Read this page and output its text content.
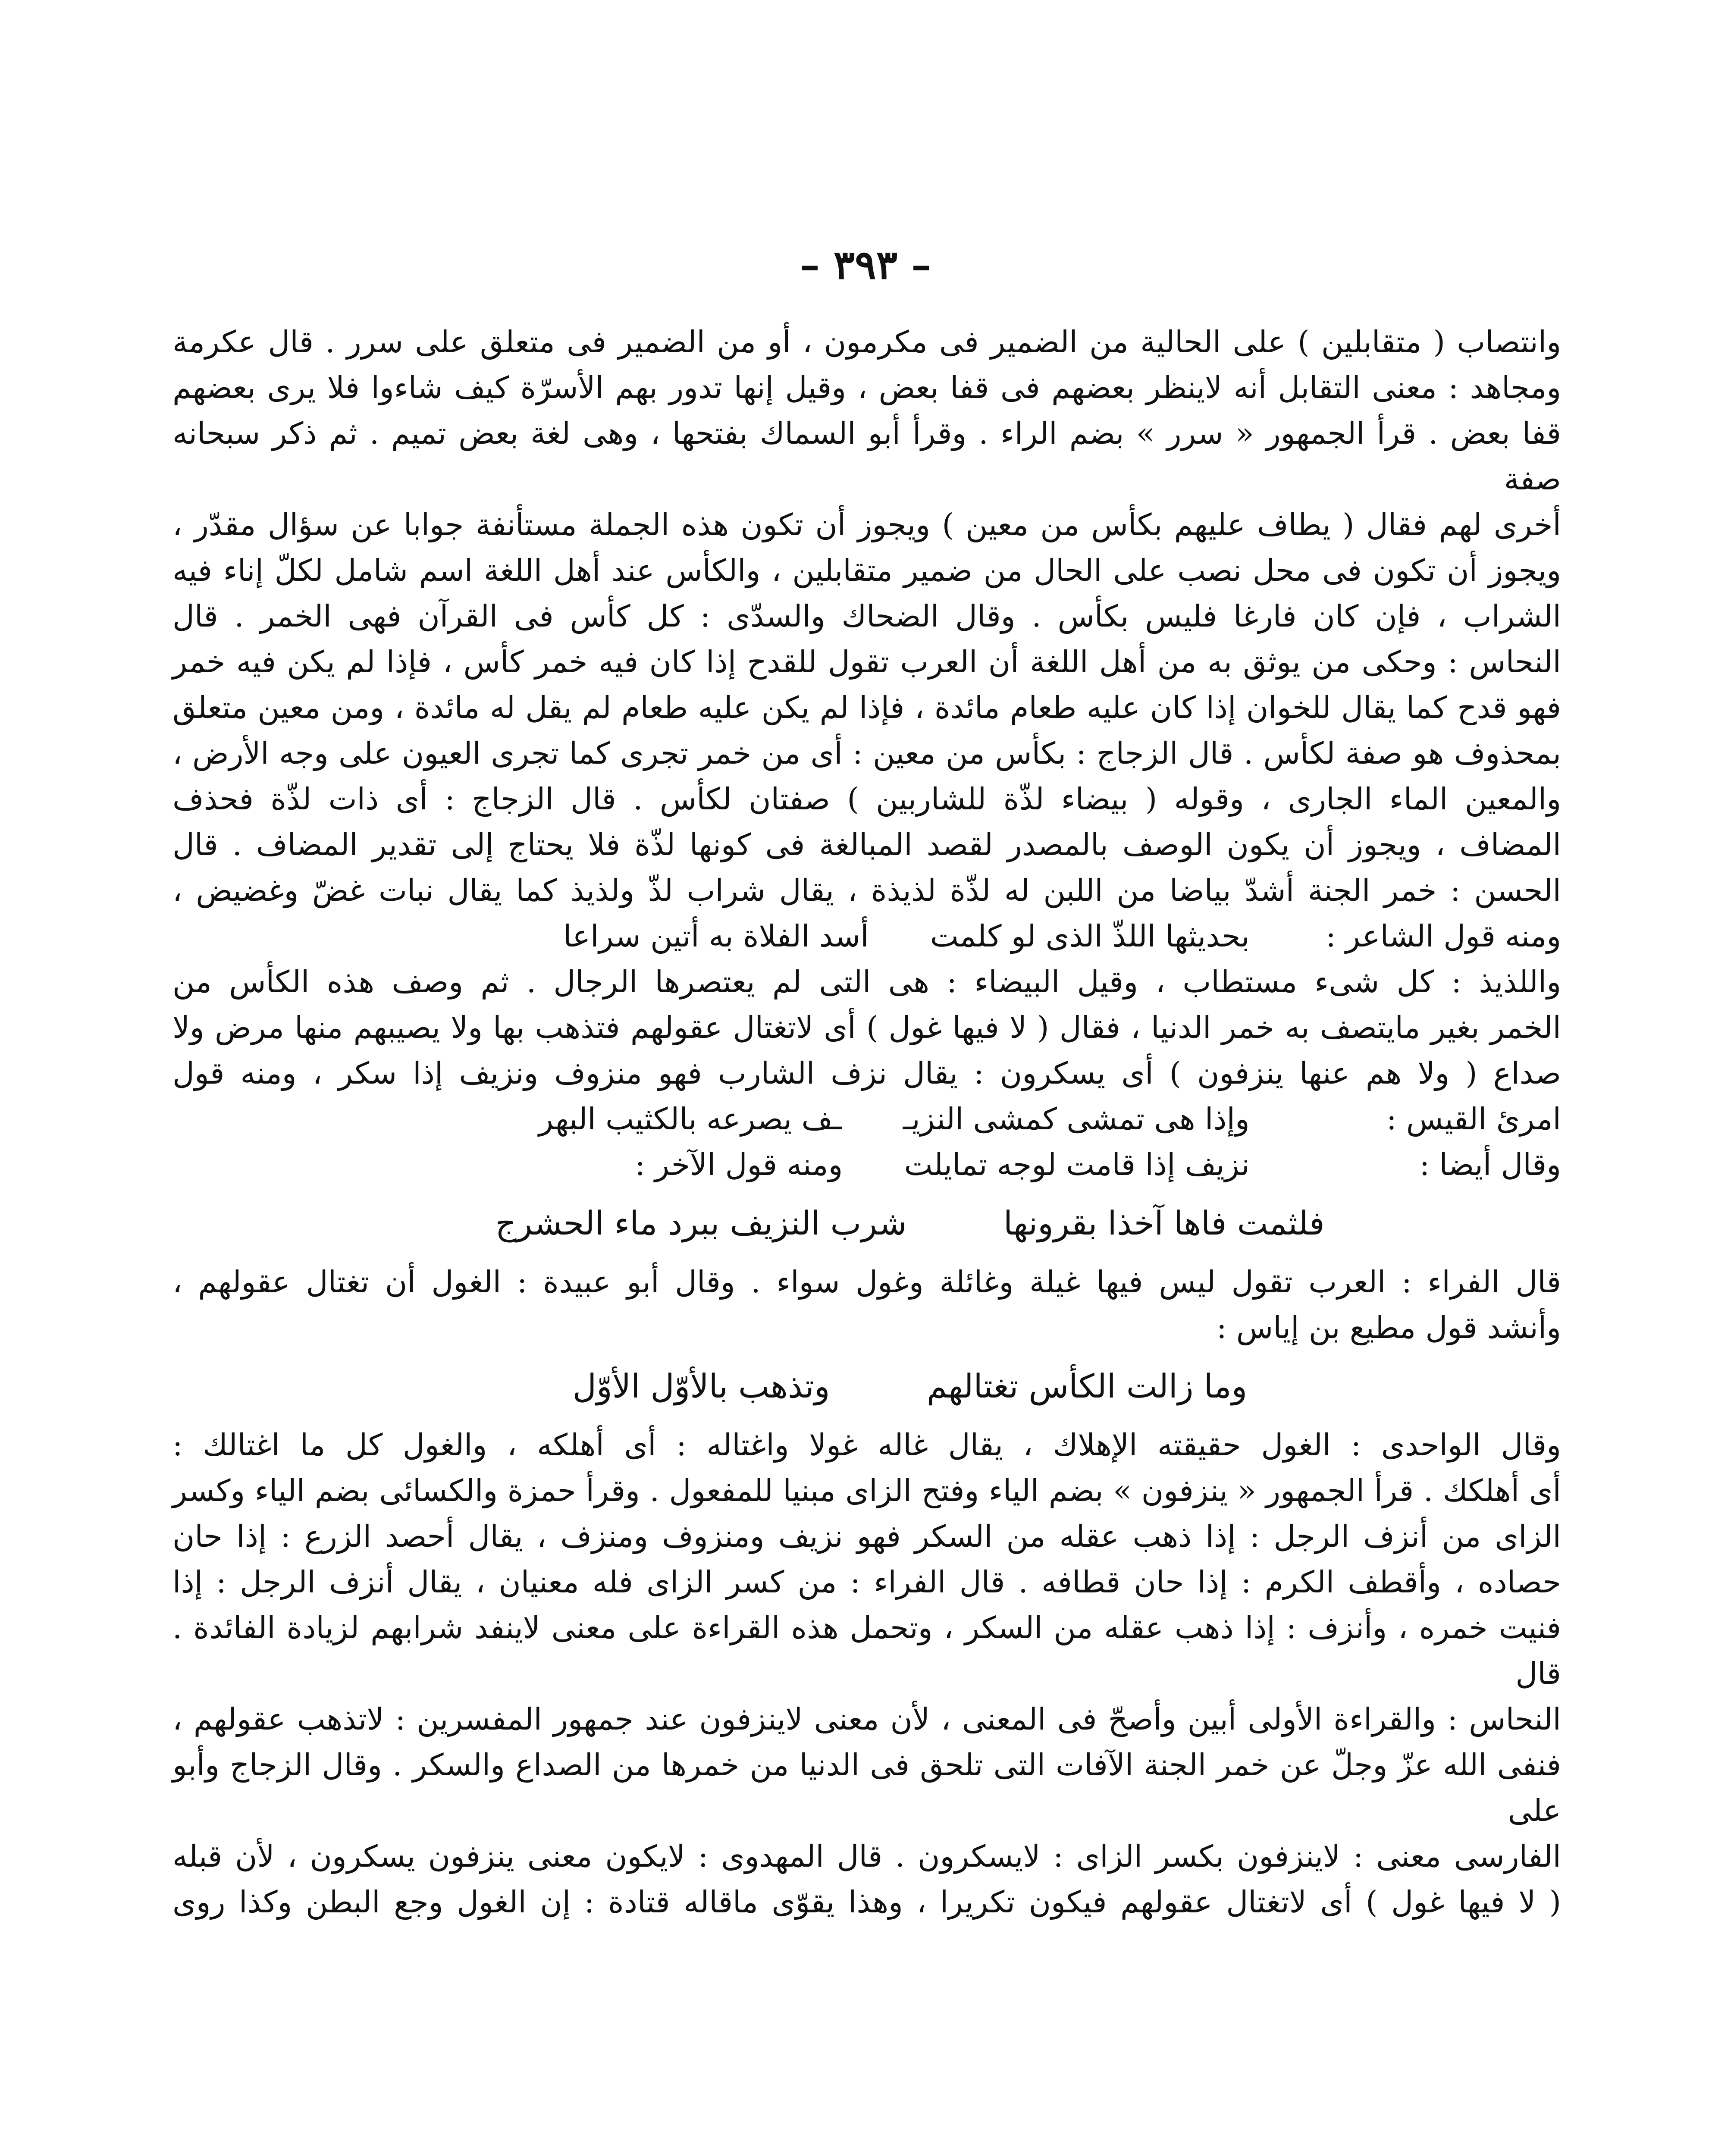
– ٣٩٣ –
وانتصاب ( متقابلين ) على الحالية من الضمير فى مكرمون ، أو من الضمير فى متعلق على سرر . قال عكرمة
ومجاهد : معنى التقابل أنه لاينظر بعضهم فى قفا بعض ، وقيل إنها تدور بهم الأسرّة كيف شاءوا فلا يرى بعضهم
قفا بعض . قرأ الجمهور « سرر » بضم الراء . وقرأ أبو السماك بفتحها ، وهى لغة بعض تميم . ثم ذكر سبحانه صفة
أخرى لهم فقال ( يطاف عليهم بكأس من معين ) ويجوز أن تكون هذه الجملة مستأنفة جوابا عن سؤال مقدّر ،
ويجوز أن تكون فى محل نصب على الحال من ضمير متقابلين ، والكأس عند أهل اللغة اسم شامل لكلّ إناء فيه
الشراب ، فإن كان فارغا فليس بكأس . وقال الضحاك والسدّى : كل كأس فى القرآن فهى الخمر . قال
النحاس : وحكى من يوثق به من أهل اللغة أن العرب تقول للقدح إذا كان فيه خمر كأس ، فإذا لم يكن فيه خمر
فهو قدح كما يقال للخوان إذا كان عليه طعام مائدة ، فإذا لم يكن عليه طعام لم يقل له مائدة ، ومن معين متعلق
بمحذوف هو صفة لكأس . قال الزجاج : بكأس من معين : أى من خمر تجرى كما تجرى العيون على وجه الأرض ،
والمعين الماء الجارى ، وقوله ( بيضاء لذّة للشاربين ) صفتان لكأس . قال الزجاج : أى ذات لذّة فحذف
المضاف ، ويجوز أن يكون الوصف بالمصدر لقصد المبالغة فى كونها لذّة فلا يحتاج إلى تقدير المضاف . قال
الحسن : خمر الجنة أشدّ بياضا من اللبن له لذّة لذيذة ، يقال شراب لذّ ولذيذ كما يقال نبات غضّ وغضيض ،
ومنه قول الشاعر : بحديثها اللذّ الذى لو كلمت أسد الفلاة به أتين سراعا
واللذيذ : كل شىء مستطاب ، وقيل البيضاء : هى التى لم يعتصرها الرجال . ثم وصف هذه الكأس من
الخمر بغير مايتصف به خمر الدنيا ، فقال ( لا فيها غول ) أى لاتغتال عقولهم فتذهب بها ولا يصيبهم منها مرض ولا
صداع ( ولا هم عنها ينزفون ) أى يسكرون : يقال نزف الشارب فهو منزوف ونزيف إذا سكر ، ومنه قول
امرئ القيس : وإذا هى تمشى كمشى النزيـ ـف يصرعه بالكثيب البهر
وقال أيضا : نزيف إذا قامت لوجه تمايلت ومنه قول الآخر :
فلثمت فاها آخذا بقرونها شرب النزيف ببرد ماء الحشرج
قال الفراء : العرب تقول ليس فيها غيلة وغائلة وغول سواء . وقال أبو عبيدة : الغول أن تغتال عقولهم ،
وأنشد قول مطيع بن إياس :
وما زالت الكأس تغتالهم وتذهب بالأوّل الأوّل
وقال الواحدى : الغول حقيقته الإهلاك ، يقال غاله غولا واغتاله : أى أهلكه ، والغول كل ما اغتالك :
أى أهلكك . قرأ الجمهور « ينزفون » بضم الياء وفتح الزاى مبنيا للمفعول . وقرأ حمزة والكسائى بضم الياء وكسر
الزاى من أنزف الرجل : إذا ذهب عقله من السكر فهو نزيف ومنزوف ومنزف ، يقال أحصد الزرع : إذا حان
حصاده ، وأقطف الكرم : إذا حان قطافه . قال الفراء : من كسر الزاى فله معنيان ، يقال أنزف الرجل : إذا
فنيت خمره ، وأنزف : إذا ذهب عقله من السكر ، وتحمل هذه القراءة على معنى لاينفد شرابهم لزيادة الفائدة . قال
النحاس : والقراءة الأولى أبين وأصحّ فى المعنى ، لأن معنى لاينزفون عند جمهور المفسرين : لاتذهب عقولهم ،
فنفى الله عزّ وجلّ عن خمر الجنة الآفات التى تلحق فى الدنيا من خمرها من الصداع والسكر . وقال الزجاج وأبو على
الفارسى معنى : لاينزفون بكسر الزاى : لايسكرون . قال المهدوى : لايكون معنى ينزفون يسكرون ، لأن قبله
( لا فيها غول ) أى لاتغتال عقولهم فيكون تكريرا ، وهذا يقوّى ماقاله قتادة : إن الغول وجع البطن وكذا روى
